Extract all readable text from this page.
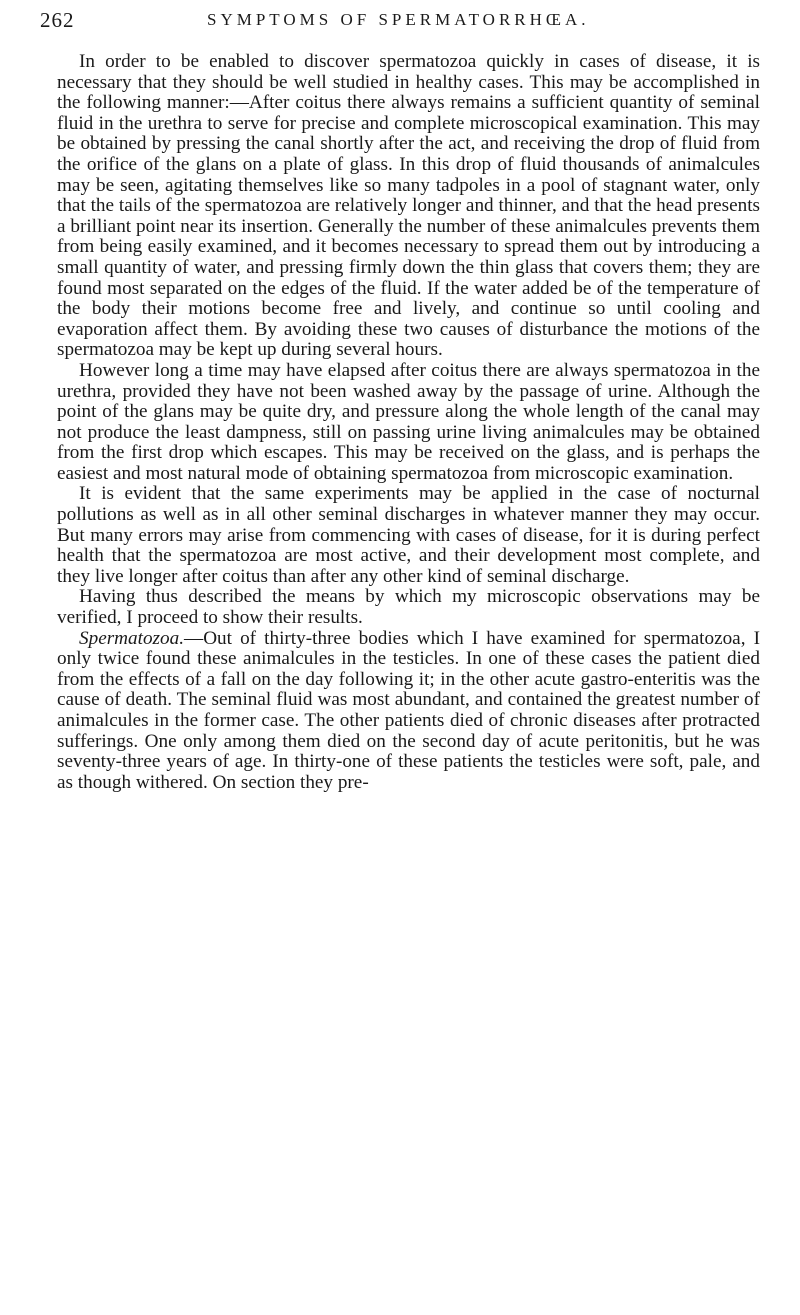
262	SYMPTOMS OF SPERMATORRHŒA.

In order to be enabled to discover spermatozoa quickly in cases of disease, it is necessary that they should be well studied in healthy cases. This may be accomplished in the following manner:—After coitus there always remains a sufficient quantity of seminal fluid in the urethra to serve for precise and complete microscopical examination. This may be obtained by pressing the canal shortly after the act, and receiving the drop of fluid from the orifice of the glans on a plate of glass. In this drop of fluid thousands of animalcules may be seen, agitating themselves like so many tadpoles in a pool of stagnant water, only that the tails of the spermatozoa are relatively longer and thinner, and that the head presents a brilliant point near its insertion. Generally the number of these animalcules prevents them from being easily examined, and it becomes necessary to spread them out by introducing a small quantity of water, and pressing firmly down the thin glass that covers them; they are found most separated on the edges of the fluid. If the water added be of the temperature of the body their motions become free and lively, and continue so until cooling and evaporation affect them. By avoiding these two causes of disturbance the motions of the spermatozoa may be kept up during several hours.

However long a time may have elapsed after coitus there are always spermatozoa in the urethra, provided they have not been washed away by the passage of urine. Although the point of the glans may be quite dry, and pressure along the whole length of the canal may not produce the least dampness, still on passing urine living animalcules may be obtained from the first drop which escapes. This may be received on the glass, and is perhaps the easiest and most natural mode of obtaining spermatozoa from microscopic examination.

It is evident that the same experiments may be applied in the case of nocturnal pollutions as well as in all other seminal discharges in whatever manner they may occur. But many errors may arise from commencing with cases of disease, for it is during perfect health that the spermatozoa are most active, and their development most complete, and they live longer after coitus than after any other kind of seminal discharge.

Having thus described the means by which my microscopic observations may be verified, I proceed to show their results.

Spermatozoa.—Out of thirty-three bodies which I have examined for spermatozoa, I only twice found these animalcules in the testicles. In one of these cases the patient died from the effects of a fall on the day following it; in the other acute gastro-enteritis was the cause of death. The seminal fluid was most abundant, and contained the greatest number of animalcules in the former case. The other patients died of chronic diseases after protracted sufferings. One only among them died on the second day of acute peritonitis, but he was seventy-three years of age. In thirty-one of these patients the testicles were soft, pale, and as though withered. On section they pre-
